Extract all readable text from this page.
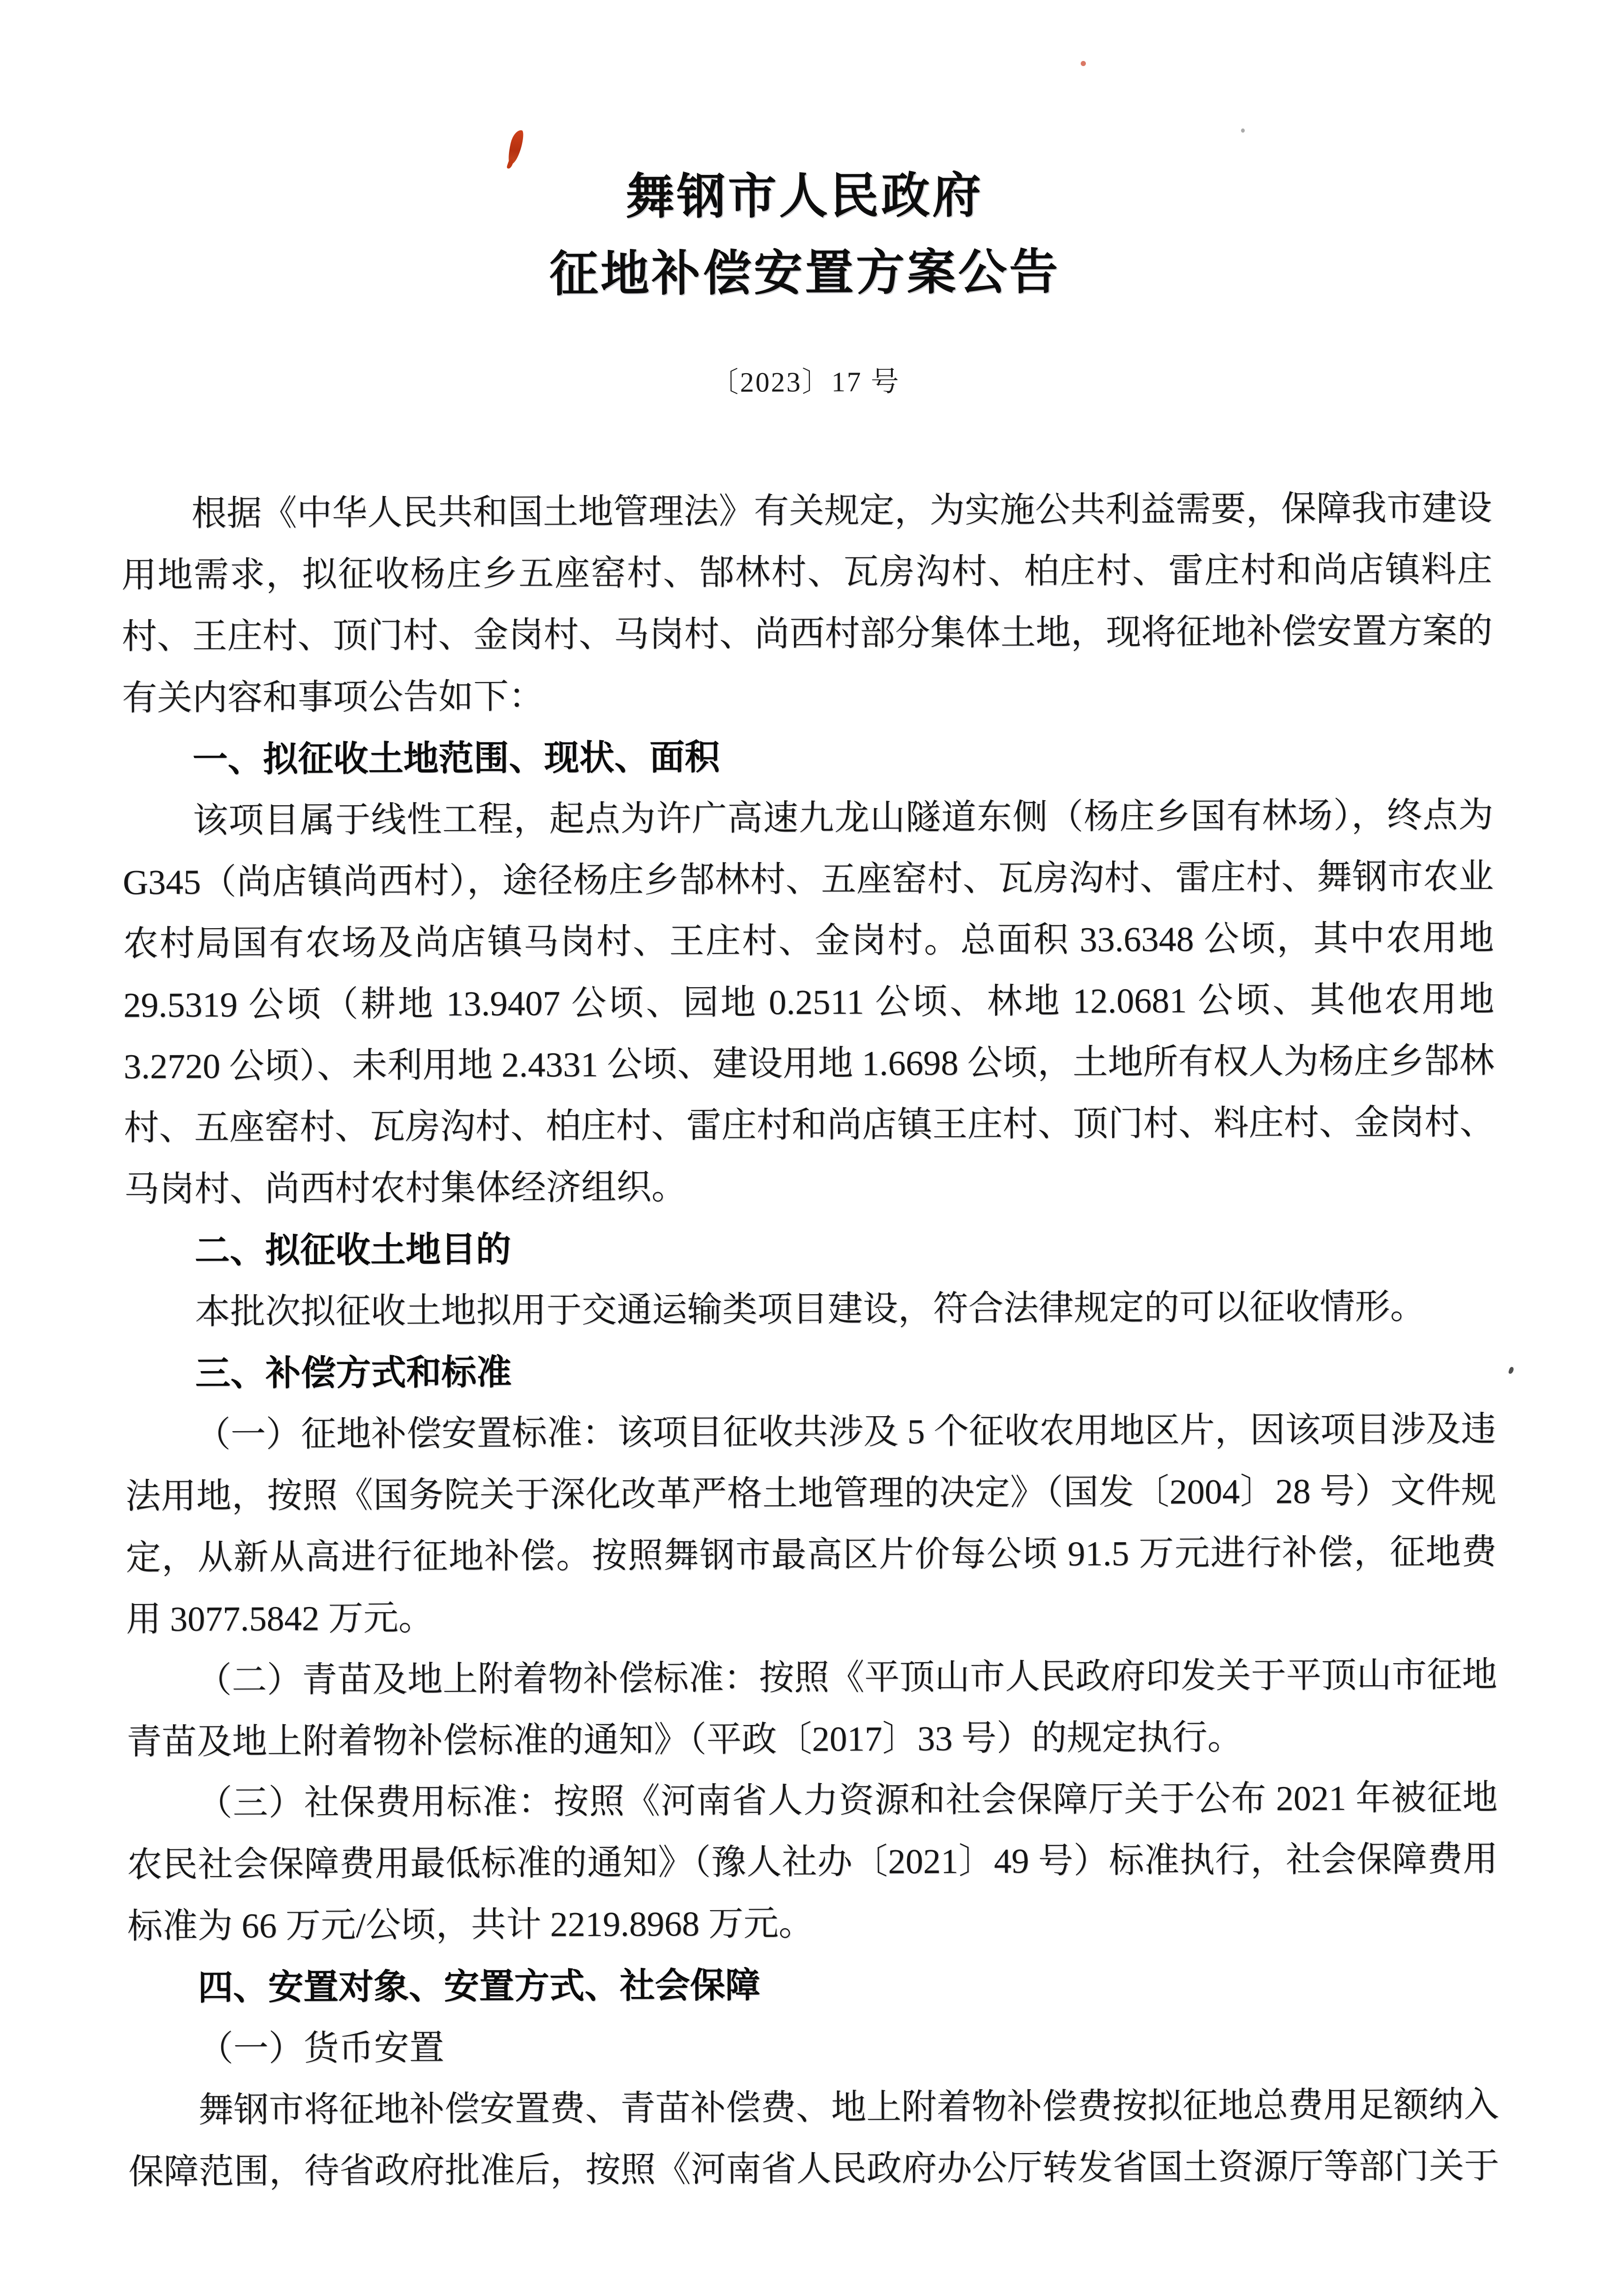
舞钢市人民政府
征地补偿安置方案公告
〔2023〕17 号

根据《中华人民共和国土地管理法》有关规定，为实施公共利益需要，保障我市建设用地需求，拟征收杨庄乡五座窑村、郜林村、瓦房沟村、柏庄村、雷庄村和尚店镇料庄村、王庄村、顶门村、金岗村、马岗村、尚西村部分集体土地，现将征地补偿安置方案的有关内容和事项公告如下：

一、拟征收土地范围、现状、面积

该项目属于线性工程，起点为许广高速九龙山隧道东侧（杨庄乡国有林场），终点为 G345（尚店镇尚西村），途径杨庄乡郜林村、五座窑村、瓦房沟村、雷庄村、舞钢市农业农村局国有农场及尚店镇马岗村、王庄村、金岗村。总面积 33.6348 公顷，其中农用地 29.5319 公顷（耕地 13.9407 公顷、园地 0.2511 公顷、林地 12.0681 公顷、其他农用地 3.2720 公顷）、未利用地 2.4331 公顷、建设用地 1.6698 公顷，土地所有权人为杨庄乡郜林村、五座窑村、瓦房沟村、柏庄村、雷庄村和尚店镇王庄村、顶门村、料庄村、金岗村、马岗村、尚西村农村集体经济组织。

二、拟征收土地目的

本批次拟征收土地拟用于交通运输类项目建设，符合法律规定的可以征收情形。

三、补偿方式和标准

（一）征地补偿安置标准：该项目征收共涉及 5 个征收农用地区片，因该项目涉及违法用地，按照《国务院关于深化改革严格土地管理的决定》（国发〔2004〕28 号）文件规定，从新从高进行征地补偿。按照舞钢市最高区片价每公顷 91.5 万元进行补偿，征地费用 3077.5842 万元。

（二）青苗及地上附着物补偿标准：按照《平顶山市人民政府印发关于平顶山市征地青苗及地上附着物补偿标准的通知》（平政〔2017〕33 号）的规定执行。

（三）社保费用标准：按照《河南省人力资源和社会保障厅关于公布 2021 年被征地农民社会保障费用最低标准的通知》（豫人社办〔2021〕49 号）标准执行，社会保障费用标准为 66 万元/公顷，共计 2219.8968 万元。

四、安置对象、安置方式、社会保障

（一）货币安置

舞钢市将征地补偿安置费、青苗补偿费、地上附着物补偿费按拟征地总费用足额纳入保障范围，待省政府批准后，按照《河南省人民政府办公厅转发省国土资源厅等部门关于
